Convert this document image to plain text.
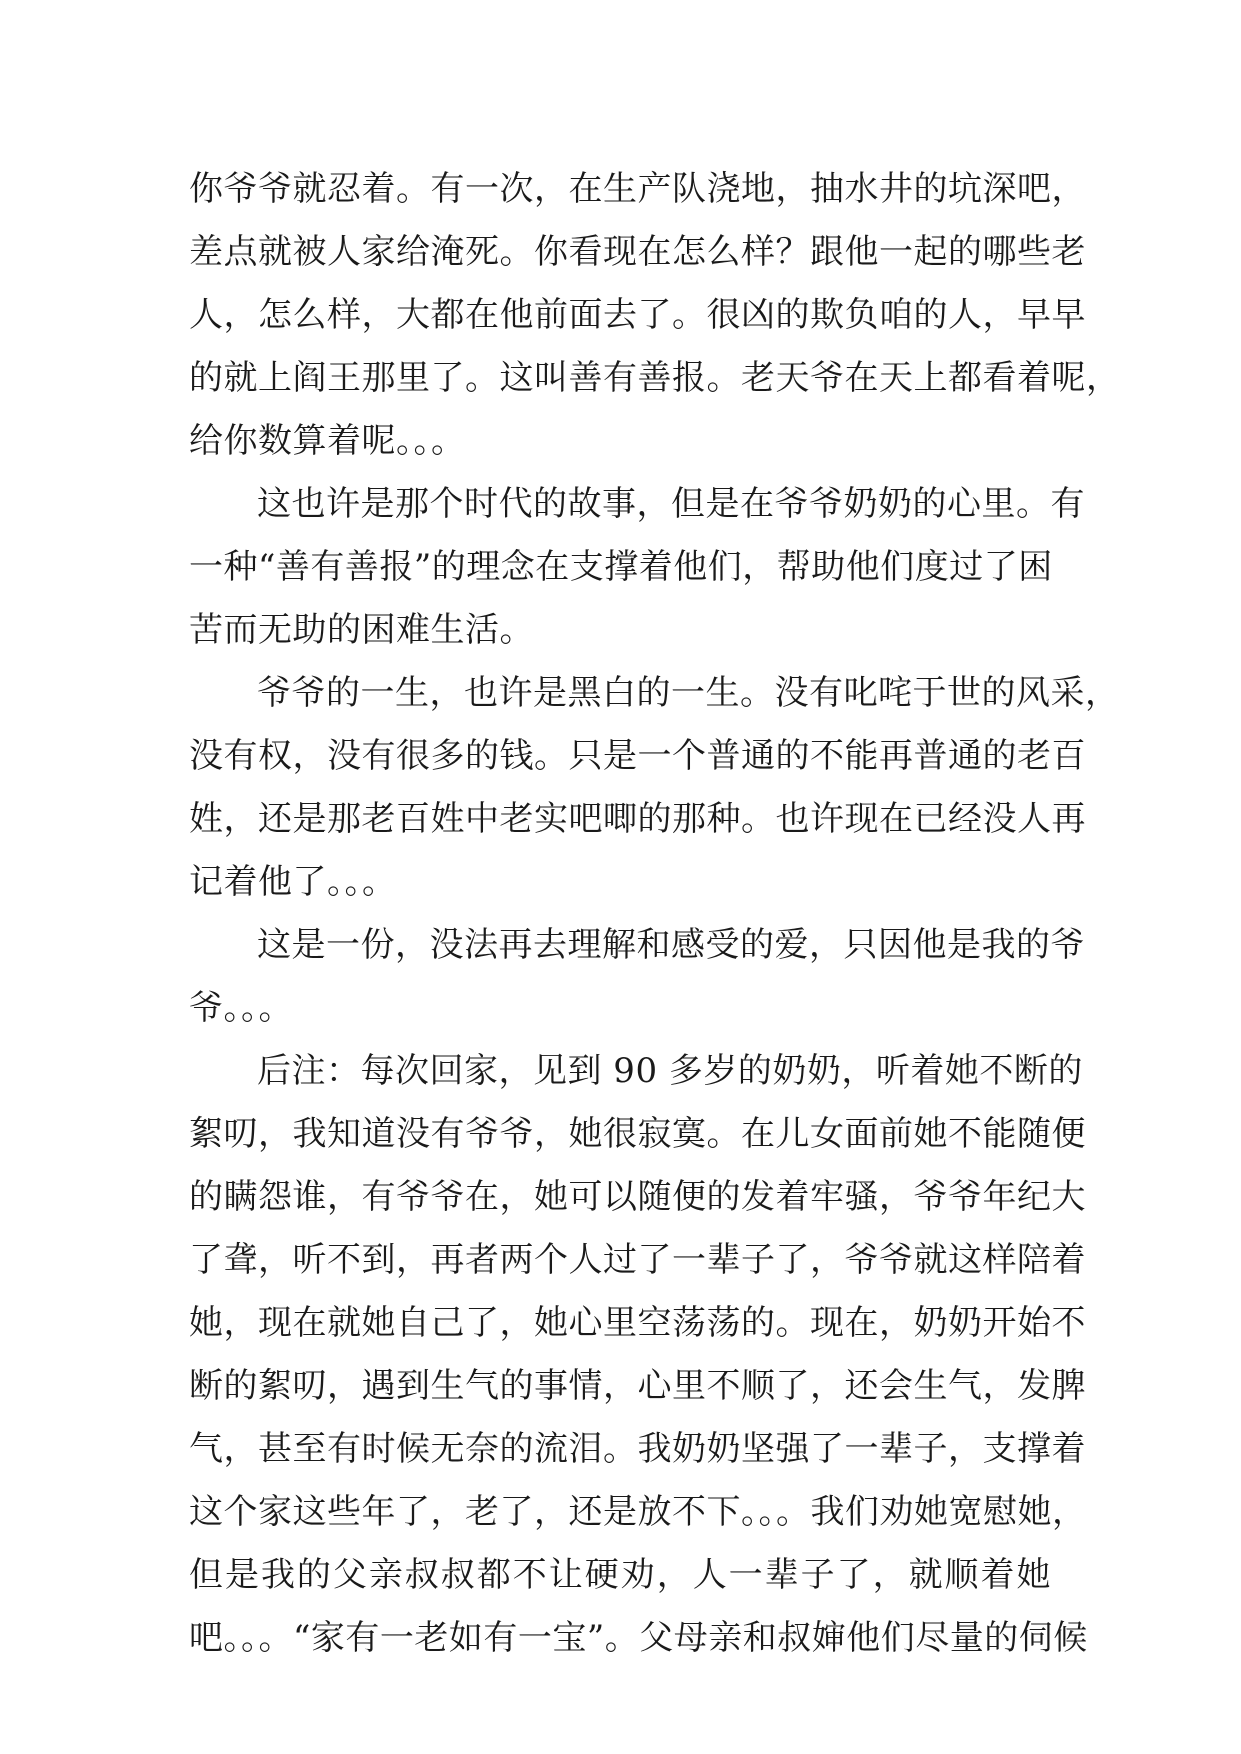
你爷爷就忍着。有一次，在生产队浇地，抽水井的坑深吧，
差点就被人家给淹死。你看现在怎么样？跟他一起的哪些老
人，怎么样，大都在他前面去了。很凶的欺负咱的人，早早
的就上阎王那里了。这叫善有善报。老天爷在天上都看着呢，
给你数算着呢。。。
这也许是那个时代的故事，但是在爷爷奶奶的心里。有
一种“善有善报”的理念在支撑着他们，帮助他们度过了困
苦而无助的困难生活。
爷爷的一生，也许是黑白的一生。没有叱咤于世的风采，
没有权，没有很多的钱。只是一个普通的不能再普通的老百
姓，还是那老百姓中老实吧唧的那种。也许现在已经没人再
记着他了。。。
这是一份，没法再去理解和感受的爱，只因他是我的爷
爷。。。
后注：每次回家，见到 90 多岁的奶奶，听着她不断的
絮叨，我知道没有爷爷，她很寂寞。在儿女面前她不能随便
的瞒怨谁，有爷爷在，她可以随便的发着牢骚，爷爷年纪大
了聋，听不到，再者两个人过了一辈子了，爷爷就这样陪着
她，现在就她自己了，她心里空荡荡的。现在，奶奶开始不
断的絮叨，遇到生气的事情，心里不顺了，还会生气，发脾
气，甚至有时候无奈的流泪。我奶奶坚强了一辈子，支撑着
这个家这些年了，老了，还是放不下。。。我们劝她宽慰她，
但是我的父亲叔叔都不让硬劝，人一辈子了，就顺着她
吧。。。“家有一老如有一宝”。父母亲和叔婶他们尽量的伺候
